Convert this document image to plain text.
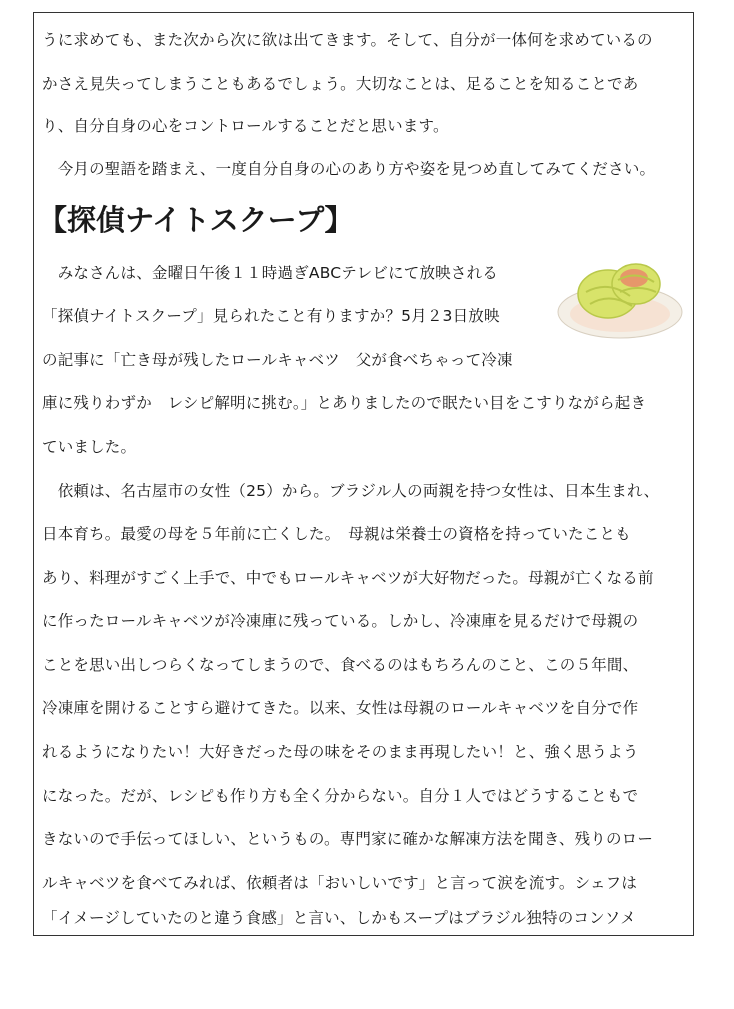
うに求めても、また次から次に欲は出てきます。そして、自分が一体何を求めているの
かさえ見失ってしまうこともあるでしょう。大切なことは、足ることを知ることであ
り、自分自身の心をコントロールすることだと思います。
　今月の聖語を踏まえ、一度自分自身の心のあり方や姿を見つめ直してみてください。
【探偵ナイトスクープ】
　みなさんは、金曜日午後１１時過ぎABCテレビにて放映される
「探偵ナイトスクープ」見られたこと有りますか？5月２3日放映
の記事に「亡き母が残したロールキャベツ　父が食べちゃって冷凍
庫に残りわずか　レシピ解明に挑む。」とありましたので眠たい目をこすりながら起き
ていました。
　依頼は、名古屋市の女性（25）から。ブラジル人の両親を持つ女性は、日本生まれ、
日本育ち。最愛の母を５年前に亡くした。　母親は栄養士の資格を持っていたことも
あり、料理がすごく上手で、中でもロールキャベツが大好物だった。母親が亡くなる前
に作ったロールキャベツが冷凍庫に残っている。しかし、冷凍庫を見るだけで母親の
ことを思い出しつらくなってしまうので、食べるのはもちろんのこと、この５年間、
冷凍庫を開けることすら避けてきた。以来、女性は母親のロールキャベツを自分で作
れるようになりたい！大好きだった母の味をそのまま再現したい！と、強く思うよう
になった。だが、レシピも作り方も全く分からない。自分１人ではどうすることもで
きないので手伝ってほしい、というもの。専門家に確かな解凍方法を聞き、残りのロー
ルキャベツを食べてみれば、依頼者は「おいしいです」と言って涙を流す。シェフは
「イメージしていたのと違う食感」と言い、しかもスープはブラジル独特のコンソメ
